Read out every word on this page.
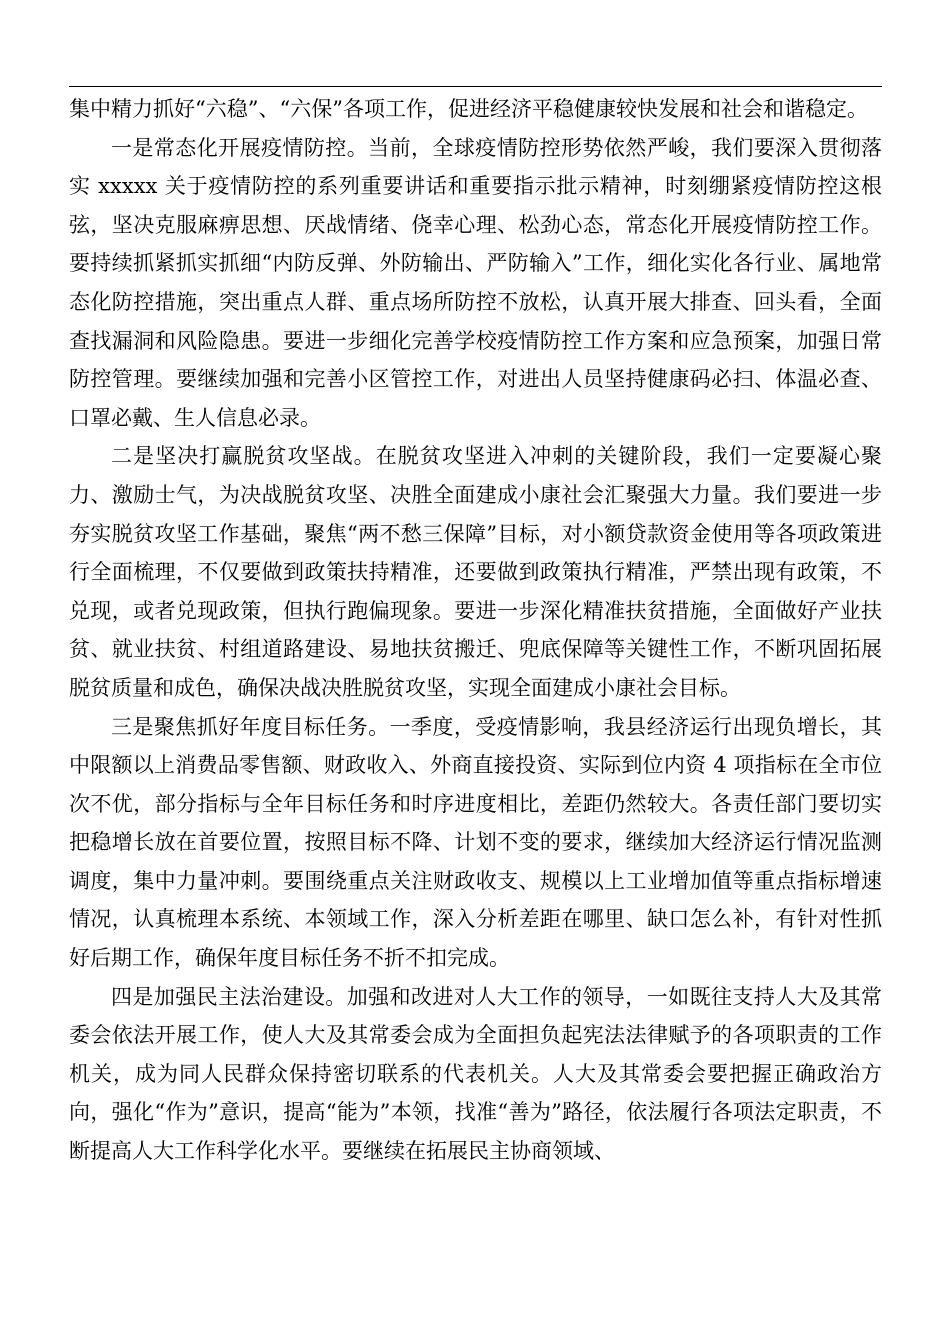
集中精力抓好“六稳”、“六保”各项工作，促进经济平稳健康较快发展和社会和谐稳定。

一是常态化开展疫情防控。当前，全球疫情防控形势依然严峻，我们要深入贯彻落实 xxxxx 关于疫情防控的系列重要讲话和重要指示批示精神，时刻绷紧疫情防控这根弦，坚决克服麻痹思想、厌战情绪、侥幸心理、松劲心态，常态化开展疫情防控工作。要持续抓紧抓实抓细“内防反弹、外防输出、严防输入”工作，细化实化各行业、属地常态化防控措施，突出重点人群、重点场所防控不放松，认真开展大排查、回头看，全面查找漏洞和风险隐患。要进一步细化完善学校疫情防控工作方案和应急预案，加强日常防控管理。要继续加强和完善小区管控工作，对进出人员坚持健康码必扫、体温必查、口罩必戴、生人信息必录。

二是坚决打赢脱贫攻坚战。在脱贫攻坚进入冲刺的关键阶段，我们一定要凝心聚力、激励士气，为决战脱贫攻坚、决胜全面建成小康社会汇聚强大力量。我们要进一步夯实脱贫攻坚工作基础，聚焦“两不愁三保障”目标，对小额贷款资金使用等各项政策进行全面梳理，不仅要做到政策扶持精准，还要做到政策执行精准，严禁出现有政策，不兑现，或者兑现政策，但执行跑偏现象。要进一步深化精准扶贫措施，全面做好产业扶贫、就业扶贫、村组道路建设、易地扶贫搬迁、兜底保障等关键性工作，不断巩固拓展脱贫质量和成色，确保决战决胜脱贫攻坚，实现全面建成小康社会目标。

三是聚焦抓好年度目标任务。一季度，受疫情影响，我县经济运行出现负增长，其中限额以上消费品零售额、财政收入、外商直接投资、实际到位内资 4 项指标在全市位次不优，部分指标与全年目标任务和时序进度相比，差距仍然较大。各责任部门要切实把稳增长放在首要位置，按照目标不降、计划不变的要求，继续加大经济运行情况监测调度，集中力量冲刺。要围绕重点关注财政收支、规模以上工业增加值等重点指标增速情况，认真梳理本系统、本领域工作，深入分析差距在哪里、缺口怎么补，有针对性抓好后期工作，确保年度目标任务不折不扣完成。

四是加强民主法治建设。加强和改进对人大工作的领导，一如既往支持人大及其常委会依法开展工作，使人大及其常委会成为全面担负起宪法法律赋予的各项职责的工作机关，成为同人民群众保持密切联系的代表机关。人大及其常委会要把握正确政治方向，强化“作为”意识，提高“能为”本领，找准“善为”路径，依法履行各项法定职责，不断提高人大工作科学化水平。要继续在拓展民主协商领域、
